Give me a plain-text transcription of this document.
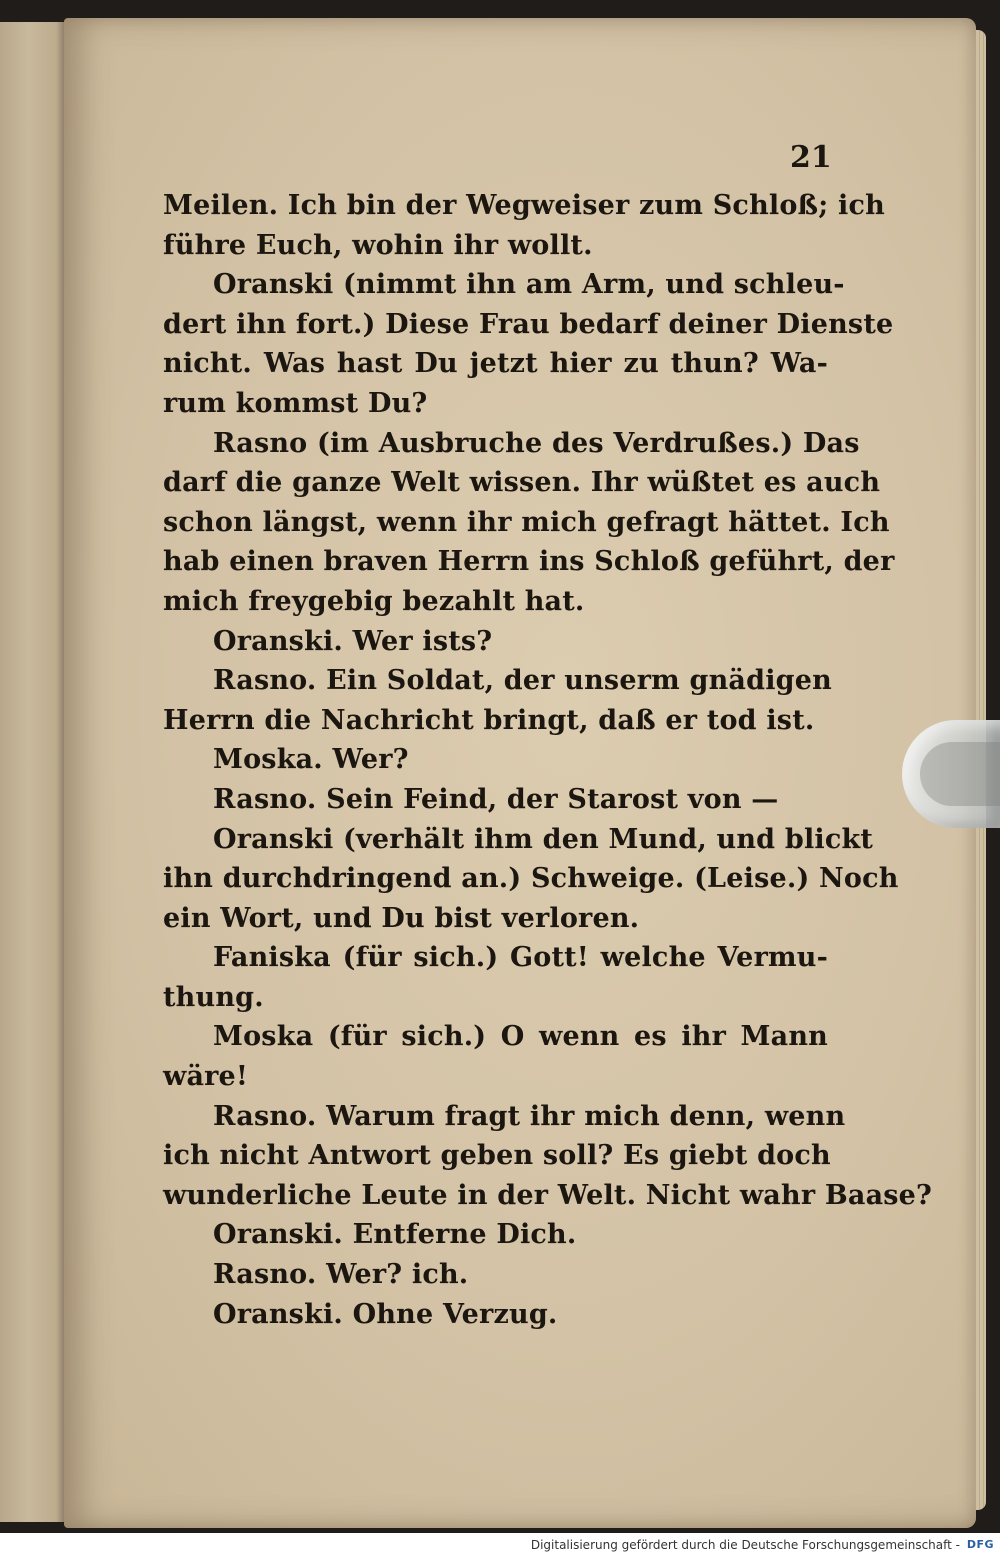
21
Meilen. Ich bin der Wegweiser zum Schloß; ich
führe Euch, wohin ihr wollt.
Oranski (nimmt ihn am Arm, und schleu-
dert ihn fort.) Diese Frau bedarf deiner Dienste
nicht. Was hast Du jetzt hier zu thun? Wa-
rum kommst Du?
Rasno (im Ausbruche des Verdrußes.) Das
darf die ganze Welt wissen. Ihr wüßtet es auch
schon längst, wenn ihr mich gefragt hättet. Ich
hab einen braven Herrn ins Schloß geführt, der
mich freygebig bezahlt hat.
Oranski. Wer ists?
Rasno. Ein Soldat, der unserm gnädigen
Herrn die Nachricht bringt, daß er tod ist.
Moska. Wer?
Rasno. Sein Feind, der Starost von —
Oranski (verhält ihm den Mund, und blickt
ihn durchdringend an.) Schweige. (Leise.) Noch
ein Wort, und Du bist verloren.
Faniska (für sich.) Gott! welche Vermu-
thung.
Moska (für sich.) O wenn es ihr Mann
wäre!
Rasno. Warum fragt ihr mich denn, wenn
ich nicht Antwort geben soll? Es giebt doch
wunderliche Leute in der Welt. Nicht wahr Baase?
Oranski. Entferne Dich.
Rasno. Wer? ich.
Oranski. Ohne Verzug.
Digitalisierung gefördert durch die Deutsche Forschungsgemeinschaft - DFG
